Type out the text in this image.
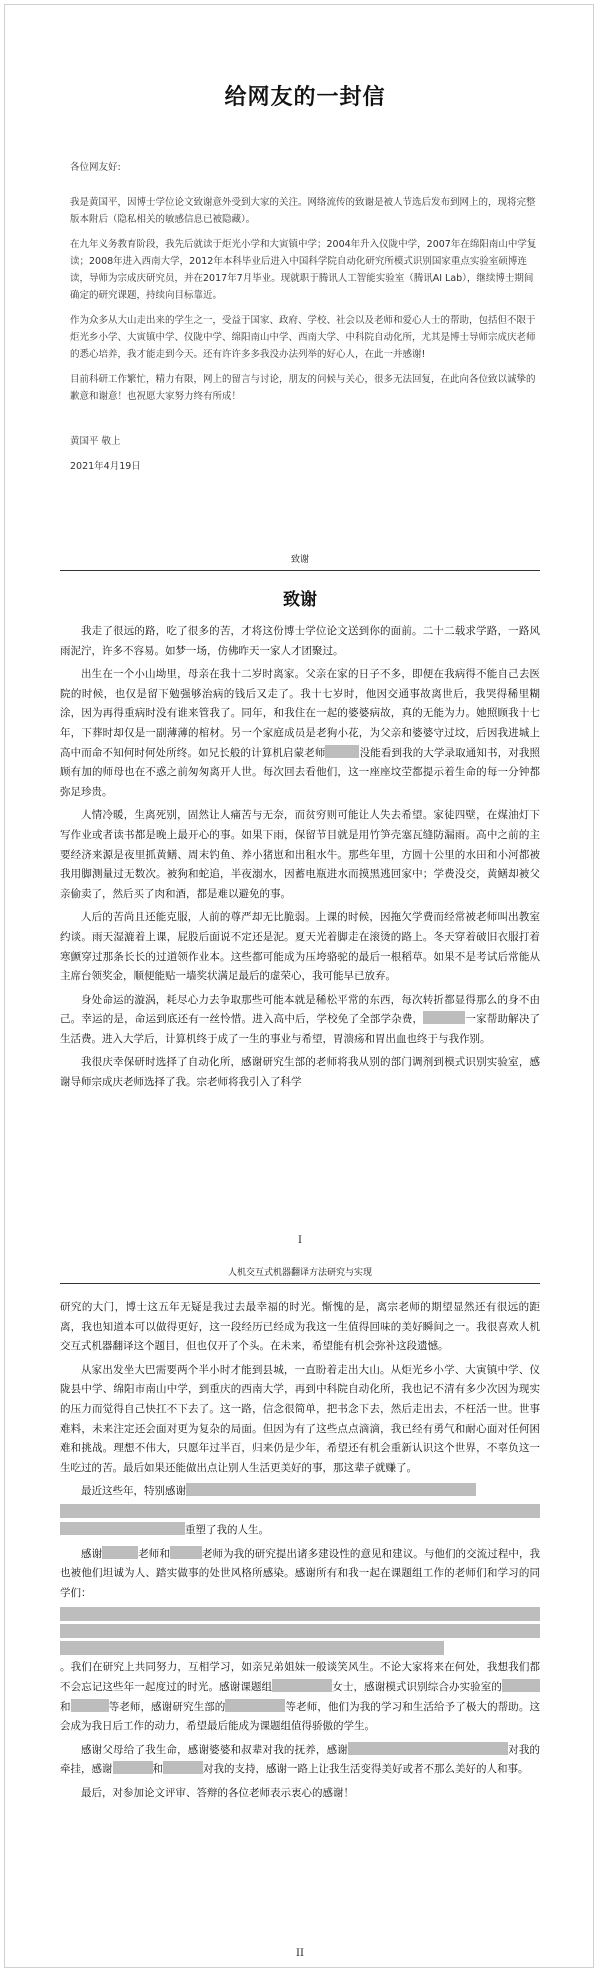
给网友的一封信

各位网友好:

我是黄国平，因博士学位论文致谢意外受到大家的关注。网络流传的致谢是被人节选后发布到网上的，现将完整版本附后（隐私相关的敏感信息已被隐藏）。

在九年义务教育阶段，我先后就读于炬光小学和大寅镇中学；2004年升入仪陇中学，2007年在绵阳南山中学复读；2008年进入西南大学，2012年本科毕业后进入中国科学院自动化研究所模式识别国家重点实验室硕博连读，导师为宗成庆研究员，并在2017年7月毕业。现就职于腾讯人工智能实验室（腾讯AI Lab），继续博士期间确定的研究课题，持续向目标靠近。

作为众多从大山走出来的学生之一，受益于国家、政府、学校、社会以及老师和爱心人士的帮助，包括但不限于炬光乡小学、大寅镇中学、仪陇中学、绵阳南山中学、西南大学、中科院自动化所，尤其是博士导师宗成庆老师的悉心培养，我才能走到今天。还有许许多多我没办法列举的好心人，在此一并感谢!

目前科研工作繁忙，精力有限，网上的留言与讨论，朋友的问候与关心，很多无法回复，在此向各位致以诚挚的歉意和谢意！也祝愿大家努力终有所成！

黄国平 敬上

2021年4月19日

致谢
致谢

我走了很远的路，吃了很多的苦，才将这份博士学位论文送到你的面前。二十二载求学路，一路风雨泥泞，许多不容易。如梦一场，仿佛昨天一家人才团聚过。

出生在一个小山坳里，母亲在我十二岁时离家。父亲在家的日子不多，即便在我病得不能自己去医院的时候，也仅是留下勉强够治病的钱后又走了。我十七岁时，他因交通事故离世后，我哭得稀里糊涂，因为再得重病时没有谁来管我了。同年，和我住在一起的婆婆病故，真的无能为力。她照顾我十七年，下葬时却仅是一副薄薄的棺材。另一个家庭成员是老狗小花，为父亲和婆婆守过坟，后因我进城上高中而命不知何时何处所终。如兄长般的计算机启蒙老师	没能看到我的大学录取通知书，对我照顾有加的师母也在不惑之前匆匆离开人世。每次回去看他们，这一座座坟茔都提示着生命的每一分钟都弥足珍贵。

人情冷暖，生离死别，固然让人痛苦与无奈，而贫穷则可能让人失去希望。家徒四壁，在煤油灯下写作业或者读书都是晚上最开心的事。如果下雨，保留节目就是用竹笋壳塞瓦缝防漏雨。高中之前的主要经济来源是夜里抓黄鳝、周末钓鱼、养小猪崽和出租水牛。那些年里，方圆十公里的水田和小河都被我用脚测量过无数次。被狗和蛇追，半夜溺水，因蓄电瓶进水而摸黑逃回家中；学费没交，黄鳝却被父亲偷卖了，然后买了肉和酒，都是难以避免的事。

人后的苦尚且还能克服，人前的尊严却无比脆弱。上课的时候，因拖欠学费而经常被老师叫出教室约谈。雨天湿漉着上课，屁股后面说不定还是泥。夏天光着脚走在滚烫的路上。冬天穿着破旧衣服打着寒颤穿过那条长长的过道领作业本。这些都可能成为压垮骆驼的最后一根稻草。如果不是考试后常能从主席台领奖金，顺便能贴一墙奖状满足最后的虚荣心，我可能早已放弃。

身处命运的漩涡，耗尽心力去争取那些可能本就是稀松平常的东西，每次转折都显得那么的身不由己。幸运的是，命运到底还有一丝怜惜。进入高中后，学校免了全部学杂费，	一家帮助解决了生活费。进入大学后，计算机终于成了一生的事业与希望，胃溃疡和胃出血也终于与我作别。

我很庆幸保研时选择了自动化所，感谢研究生部的老师将我从别的部门调剂到模式识别实验室，感谢导师宗成庆老师选择了我。宗老师将我引入了科学

I
人机交互式机器翻译方法研究与实现

研究的大门，博士这五年无疑是我过去最幸福的时光。惭愧的是，离宗老师的期望显然还有很远的距离，我也知道本可以做得更好，这一段经历已经成为我这一生值得回味的美好瞬间之一。我很喜欢人机交互式机器翻译这个题目，但也仅开了个头。在未来，希望能有机会弥补这段遗憾。

从家出发坐大巴需要两个半小时才能到县城，一直盼着走出大山。从炬光乡小学、大寅镇中学、仪陇县中学、绵阳市南山中学，到重庆的西南大学，再到中科院自动化所，我也记不清有多少次因为现实的压力而觉得自己快扛不下去了。这一路，信念很简单，把书念下去，然后走出去，不枉活一世。世事难料，未来注定还会面对更为复杂的局面。但因为有了这些点点滴滴，我已经有勇气和耐心面对任何困难和挑战。理想不伟大，只愿年过半百，归来仍是少年，希望还有机会重新认识这个世界，不辜负这一生吃过的苦。最后如果还能做出点让别人生活更美好的事，那这辈子就赚了。

最近这些年，特别感谢

重塑了我的人生。

感谢	老师和	老师为我的研究提出诸多建设性的意见和建议。与他们的交流过程中，我也被他们坦诚为人、踏实做事的处世风格所感染。感谢所有和我一起在课题组工作的老师们和学习的同学们：

。我们在研究上共同努力，互相学习，如亲兄弟姐妹一般谈笑风生。不论大家将来在何处，我想我们都不会忘记这些年一起度过的时光。感谢课题组	女士，感谢模式识别综合办实验室的和	等老师，感谢研究生部的	等老师，他们为我的学习和生活给予了极大的帮助。这会成为我日后工作的动力，希望最后能成为课题组值得骄傲的学生。

感谢父母给了我生命，感谢婆婆和叔辈对我的抚养，感谢	对我的牵挂，感谢	和	对我的支持，感谢一路上让我生活变得美好或者不那么美好的人和事。

最后，对参加论文评审、答辩的各位老师表示衷心的感谢！

II
